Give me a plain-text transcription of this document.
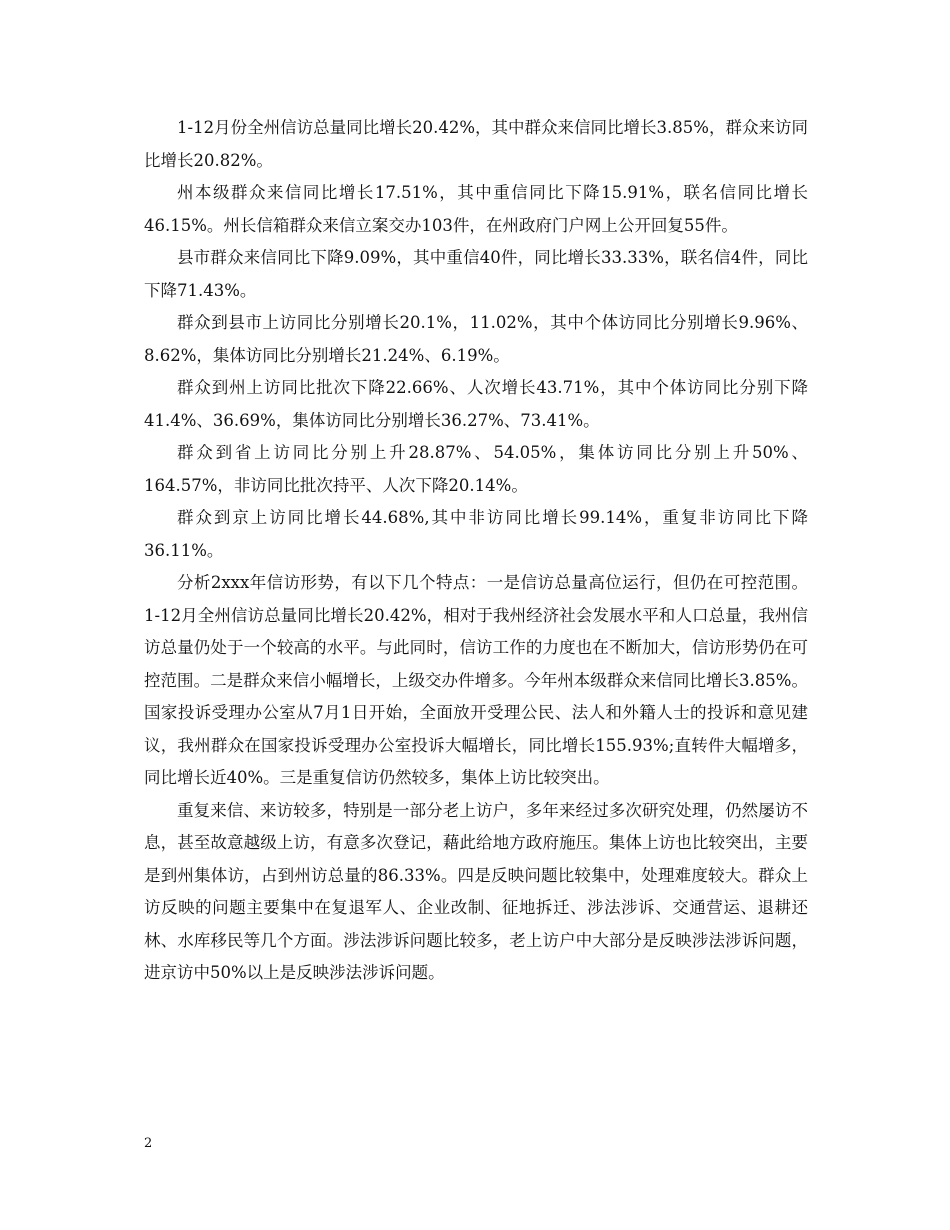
1-12月份全州信访总量同比增长20.42%，其中群众来信同比增长3.85%，群众来访同比增长20.82%。

州本级群众来信同比增长17.51%，其中重信同比下降15.91%，联名信同比增长46.15%。州长信箱群众来信立案交办103件，在州政府门户网上公开回复55件。

县市群众来信同比下降9.09%，其中重信40件，同比增长33.33%，联名信4件，同比下降71.43%。

群众到县市上访同比分别增长20.1%，11.02%，其中个体访同比分别增长9.96%、8.62%，集体访同比分别增长21.24%、6.19%。

群众到州上访同比批次下降22.66%、人次增长43.71%，其中个体访同比分别下降41.4%、36.69%，集体访同比分别增长36.27%、73.41%。

群众到省上访同比分别上升28.87%、54.05%，集体访同比分别上升50%、164.57%，非访同比批次持平、人次下降20.14%。

群众到京上访同比增长44.68%,其中非访同比增长99.14%，重复非访同比下降36.11%。

分析2xxx年信访形势，有以下几个特点：一是信访总量高位运行，但仍在可控范围。1-12月全州信访总量同比增长20.42%，相对于我州经济社会发展水平和人口总量，我州信访总量仍处于一个较高的水平。与此同时，信访工作的力度也在不断加大，信访形势仍在可控范围。二是群众来信小幅增长，上级交办件增多。今年州本级群众来信同比增长3.85%。国家投诉受理办公室从7月1日开始，全面放开受理公民、法人和外籍人士的投诉和意见建议，我州群众在国家投诉受理办公室投诉大幅增长，同比增长155.93%;直转件大幅增多，同比增长近40%。三是重复信访仍然较多，集体上访比较突出。

重复来信、来访较多，特别是一部分老上访户，多年来经过多次研究处理，仍然屡访不息，甚至故意越级上访，有意多次登记，藉此给地方政府施压。集体上访也比较突出，主要是到州集体访，占到州访总量的86.33%。四是反映问题比较集中，处理难度较大。群众上访反映的问题主要集中在复退军人、企业改制、征地拆迁、涉法涉诉、交通营运、退耕还林、水库移民等几个方面。涉法涉诉问题比较多，老上访户中大部分是反映涉法涉诉问题，进京访中50%以上是反映涉法涉诉问题。

2
